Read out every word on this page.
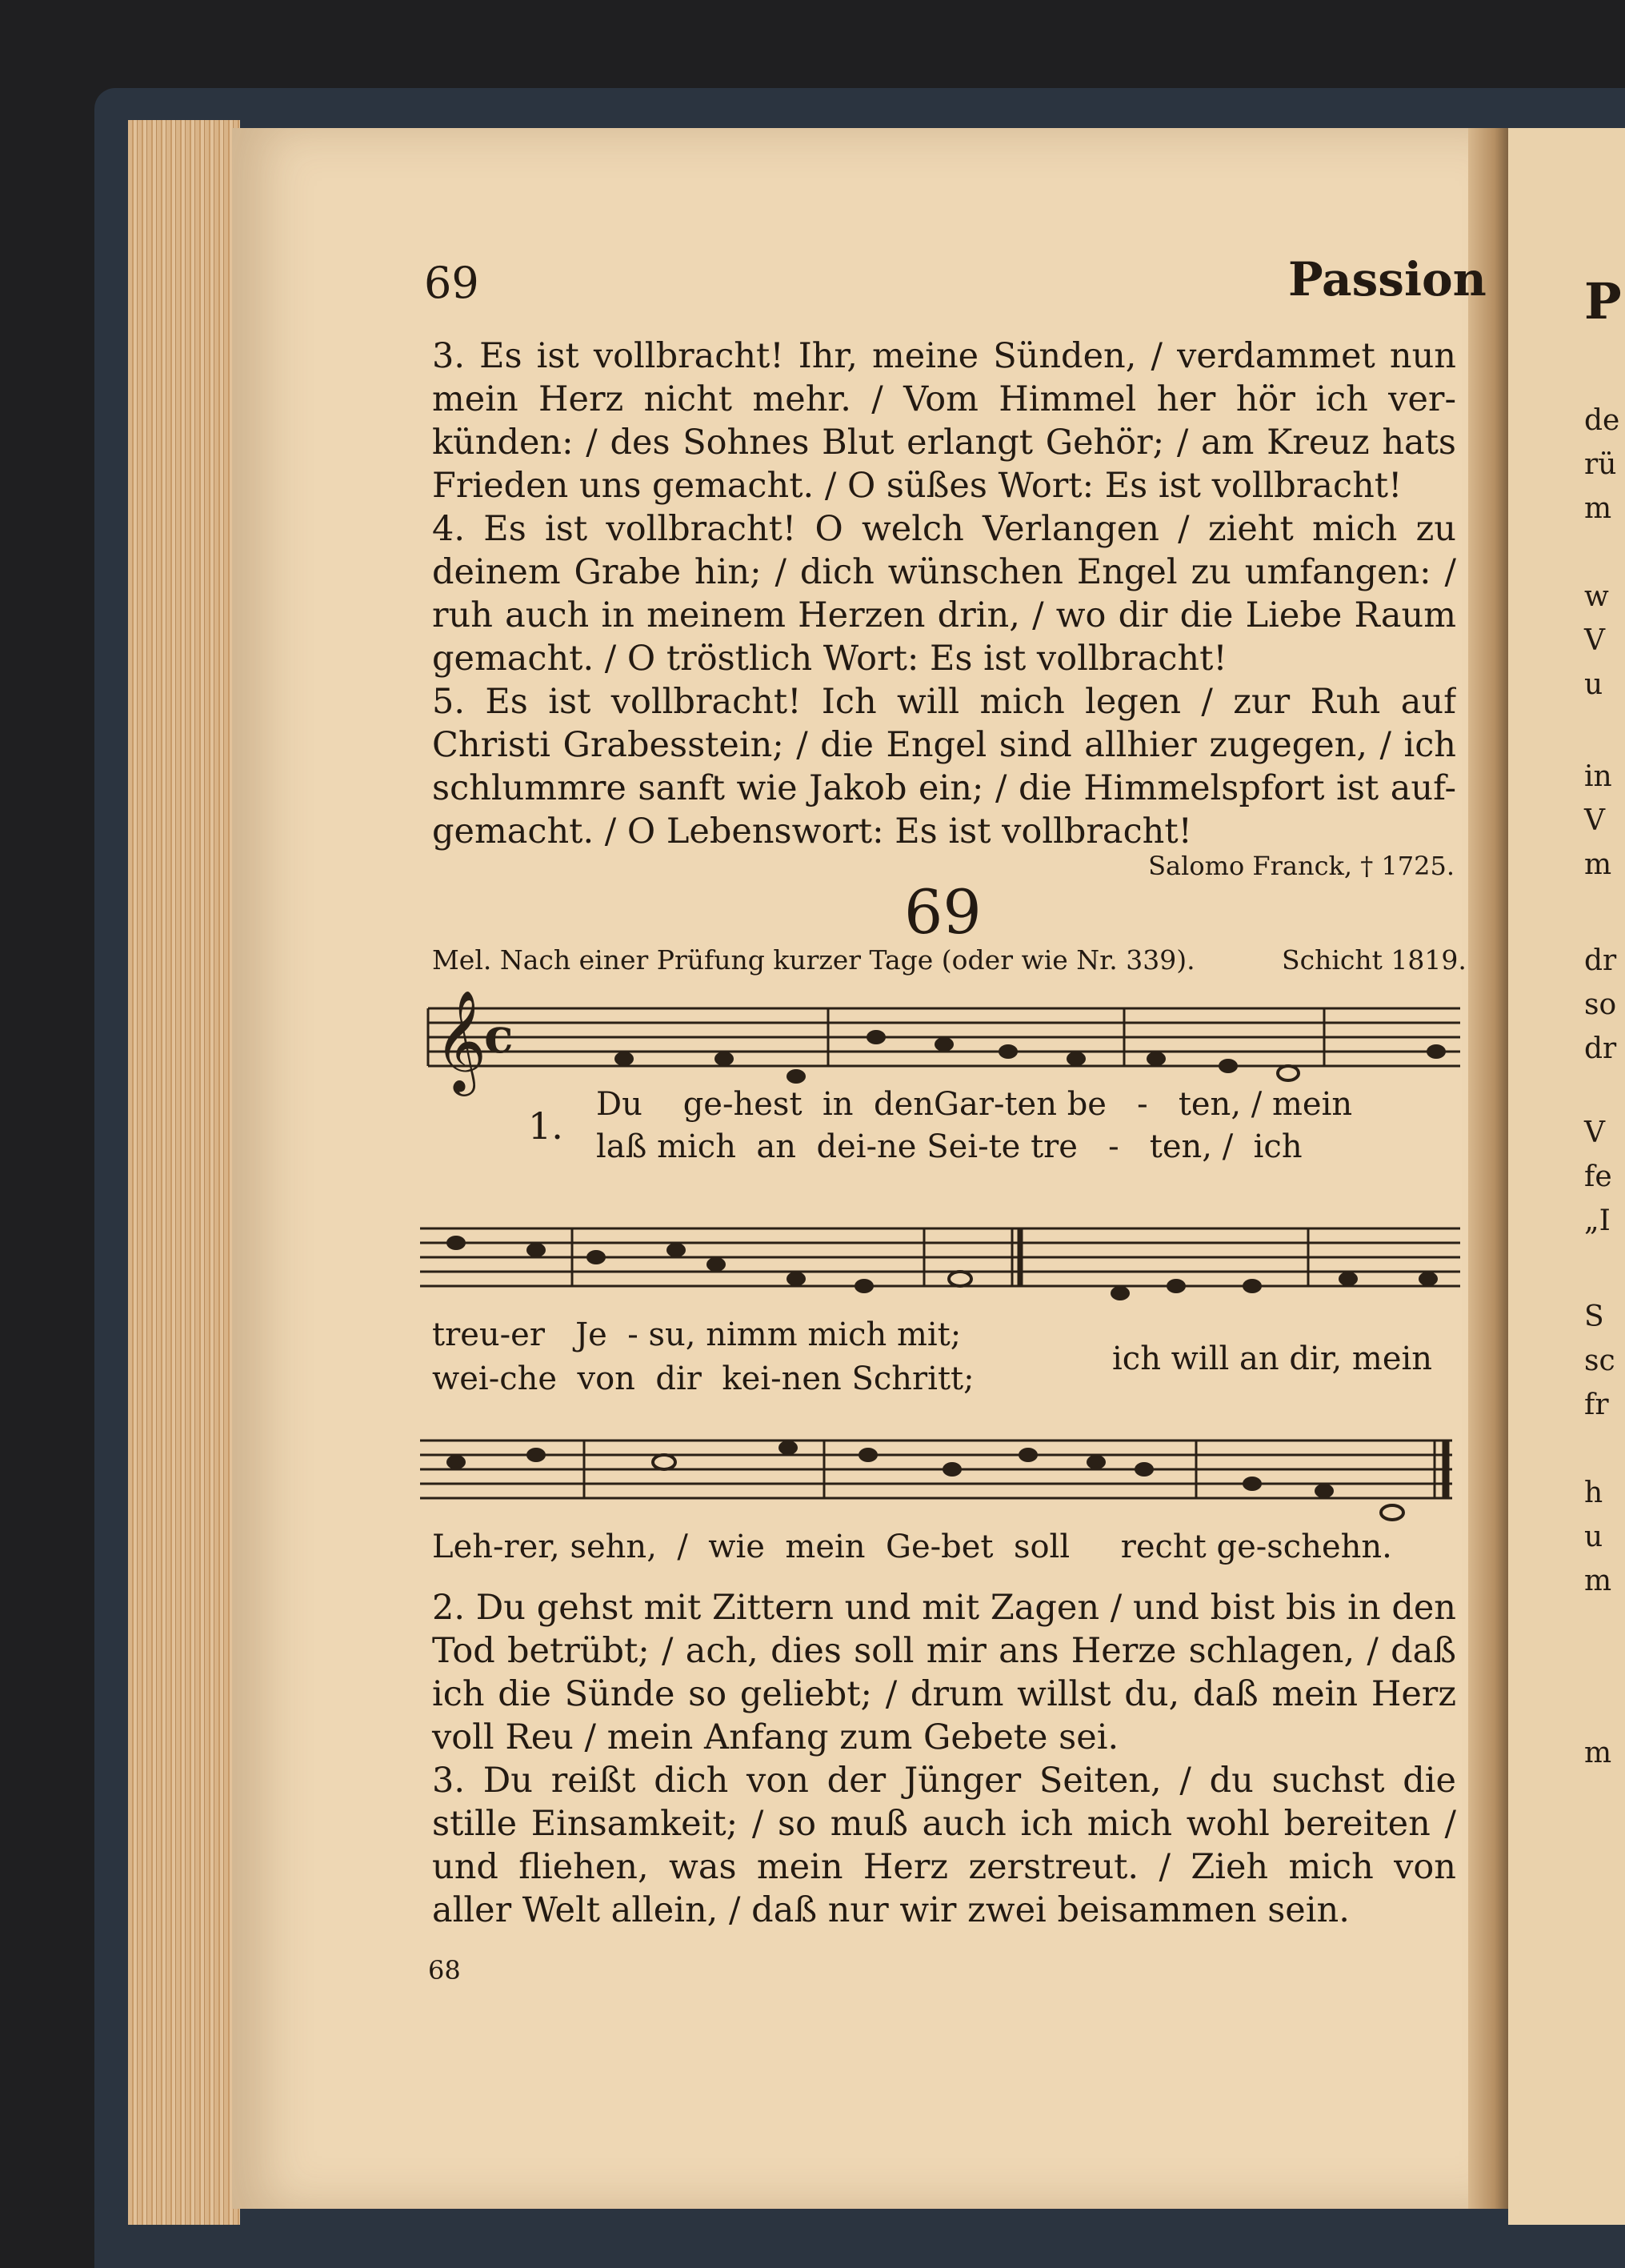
P
de
rü
m
w
V
u
in
V
m
dr
so
dr
V
fe
„I
S
sc
fr
h
u
m
m
69	Passion
3. Es ist vollbracht! Ihr, meine Sünden, / verdammet nun mein Herz nicht mehr. / Vom Himmel her hör ich ver-künden: / des Sohnes Blut erlangt Gehör; / am Kreuz hats Frieden uns gemacht. / O süßes Wort: Es ist vollbracht!
4. Es ist vollbracht! O welch Verlangen / zieht mich zu deinem Grabe hin; / dich wünschen Engel zu umfangen: / ruh auch in meinem Herzen drin, / wo dir die Liebe Raum gemacht. / O tröstlich Wort: Es ist vollbracht!
5. Es ist vollbracht! Ich will mich legen / zur Ruh auf Christi Grabesstein; / die Engel sind allhier zugegen, / ich schlummre sanft wie Jakob ein; / die Himmelspfort ist auf-gemacht. / O Lebenswort: Es ist vollbracht!
Salomo Franck, † 1725.
69
Mel. Nach einer Prüfung kurzer Tage (oder wie Nr. 339).	Schicht 1819.
𝄞
c
1. Du ge-hest in denGar-ten be - ten, / mein
laß mich an dei-ne Sei-te tre - ten, / ich
treu-er Je - su, nimm mich mit;
wei-che von dir kei-nen Schritt;
ich will an dir, mein
Leh-rer, sehn, / wie mein Ge-bet soll recht ge-schehn.
2. Du gehst mit Zittern und mit Zagen / und bist bis in den Tod betrübt; / ach, dies soll mir ans Herze schlagen, / daß ich die Sünde so geliebt; / drum willst du, daß mein Herz voll Reu / mein Anfang zum Gebete sei.
3. Du reißt dich von der Jünger Seiten, / du suchst die stille Einsamkeit; / so muß auch ich mich wohl bereiten / und fliehen, was mein Herz zerstreut. / Zieh mich von aller Welt allein, / daß nur wir zwei beisammen sein.
68
